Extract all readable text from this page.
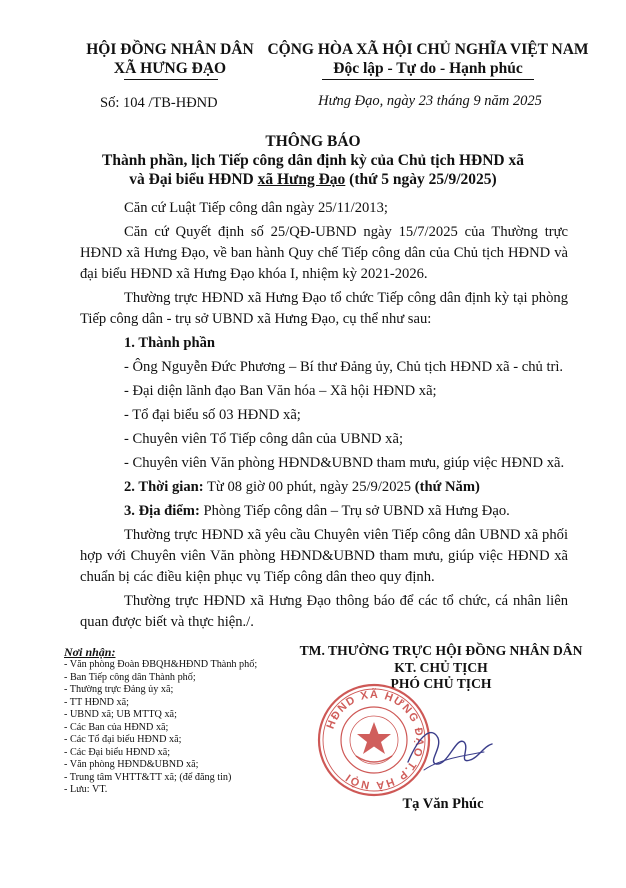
HỘI ĐỒNG NHÂN DÂN
XÃ HƯNG ĐẠO
Số: 104 /TB-HĐND
CỘNG HÒA XÃ HỘI CHỦ NGHĨA VIỆT NAM
Độc lập - Tự do - Hạnh phúc
Hưng Đạo, ngày 23 tháng 9 năm 2025
THÔNG BÁO
Thành phần, lịch Tiếp công dân định kỳ của Chủ tịch HĐND xã
và Đại biểu HĐND xã Hưng Đạo (thứ 5 ngày 25/9/2025)
Căn cứ Luật Tiếp công dân ngày 25/11/2013;
Căn cứ Quyết định số 25/QĐ-UBND ngày 15/7/2025 của Thường trực HĐND xã Hưng Đạo, về ban hành Quy chế Tiếp công dân của Chủ tịch HĐND và đại biểu HĐND xã Hưng Đạo khóa I, nhiệm kỳ 2021-2026.
Thường trực HĐND xã Hưng Đạo tổ chức Tiếp công dân định kỳ tại phòng Tiếp công dân - trụ sở UBND xã Hưng Đạo, cụ thể như sau:
1. Thành phần
- Ông Nguyễn Đức Phương – Bí thư Đảng ủy, Chủ tịch HĐND xã - chủ trì.
- Đại diện lãnh đạo Ban Văn hóa – Xã hội HĐND xã;
- Tổ đại biểu số 03 HĐND xã;
- Chuyên viên Tổ Tiếp công dân của UBND xã;
- Chuyên viên Văn phòng HĐND&UBND tham mưu, giúp việc HĐND xã.
2. Thời gian: Từ 08 giờ 00 phút, ngày 25/9/2025 (thứ Năm)
3. Địa điểm: Phòng Tiếp công dân – Trụ sở UBND xã Hưng Đạo.
Thường trực HĐND xã yêu cầu Chuyên viên Tiếp công dân UBND xã phối hợp với Chuyên viên Văn phòng HĐND&UBND tham mưu, giúp việc HĐND xã chuẩn bị các điều kiện phục vụ Tiếp công dân theo quy định.
Thường trực HĐND xã Hưng Đạo thông báo để các tổ chức, cá nhân liên quan được biết và thực hiện./.
Nơi nhận:
- Văn phòng Đoàn ĐBQH&HĐND Thành phố;
- Ban Tiếp công dân Thành phố;
- Thường trực Đảng ủy xã;
- TT HĐND xã;
- UBND xã; UB MTTQ xã;
- Các Ban của HĐND xã;
- Các Tổ đại biểu HĐND xã;
- Các Đại biểu HĐND xã;
- Văn phòng HĐND&UBND xã;
- Trung tâm VHTT&TT xã; (để đăng tin)
- Lưu: VT.
TM. THƯỜNG TRỰC HỘI ĐỒNG NHÂN DÂN
KT. CHỦ TỊCH
PHÓ CHỦ TỊCH
HĐND XÃ HƯNG ĐẠO T.P HÀ NỘI
Tạ Văn Phúc
